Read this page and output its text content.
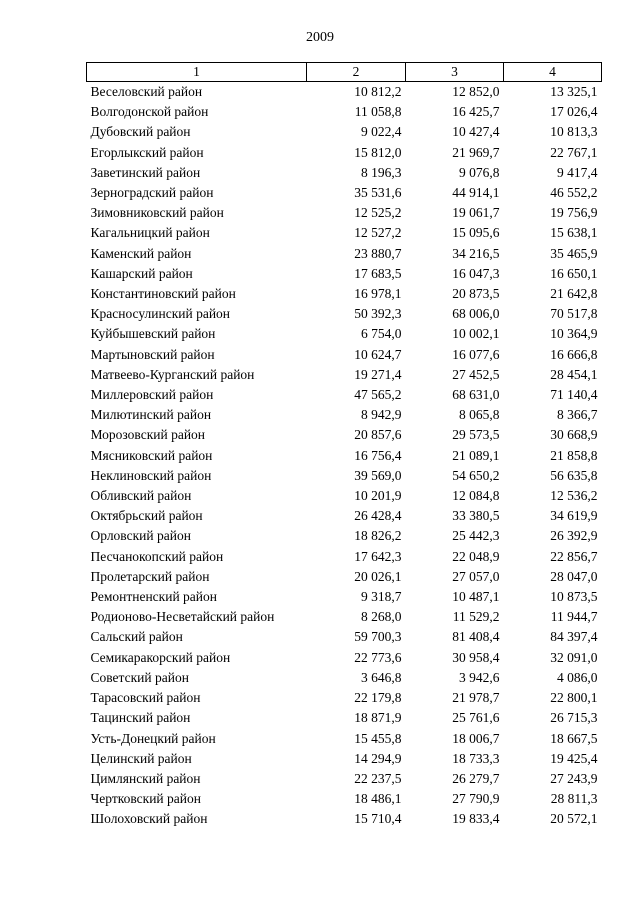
2009
1	2	3	4
Веселовский район	10 812,2	12 852,0	13 325,1
Волгодонской район	11 058,8	16 425,7	17 026,4
Дубовский район	9 022,4	10 427,4	10 813,3
Егорлыкский район	15 812,0	21 969,7	22 767,1
Заветинский район	8 196,3	9 076,8	9 417,4
Зерноградский район	35 531,6	44 914,1	46 552,2
Зимовниковский район	12 525,2	19 061,7	19 756,9
Кагальницкий район	12 527,2	15 095,6	15 638,1
Каменский район	23 880,7	34 216,5	35 465,9
Кашарский район	17 683,5	16 047,3	16 650,1
Константиновский район	16 978,1	20 873,5	21 642,8
Красносулинский район	50 392,3	68 006,0	70 517,8
Куйбышевский район	6 754,0	10 002,1	10 364,9
Мартыновский район	10 624,7	16 077,6	16 666,8
Матвеево-Курганский район	19 271,4	27 452,5	28 454,1
Миллеровский район	47 565,2	68 631,0	71 140,4
Милютинский район	8 942,9	8 065,8	8 366,7
Морозовский район	20 857,6	29 573,5	30 668,9
Мясниковский район	16 756,4	21 089,1	21 858,8
Неклиновский район	39 569,0	54 650,2	56 635,8
Обливский район	10 201,9	12 084,8	12 536,2
Октябрьский район	26 428,4	33 380,5	34 619,9
Орловский район	18 826,2	25 442,3	26 392,9
Песчанокопский район	17 642,3	22 048,9	22 856,7
Пролетарский район	20 026,1	27 057,0	28 047,0
Ремонтненский район	9 318,7	10 487,1	10 873,5
Родионово-Несветайский район	8 268,0	11 529,2	11 944,7
Сальский район	59 700,3	81 408,4	84 397,4
Семикаракорский район	22 773,6	30 958,4	32 091,0
Советский район	3 646,8	3 942,6	4 086,0
Тарасовский район	22 179,8	21 978,7	22 800,1
Тацинский район	18 871,9	25 761,6	26 715,3
Усть-Донецкий район	15 455,8	18 006,7	18 667,5
Целинский район	14 294,9	18 733,3	19 425,4
Цимлянский район	22 237,5	26 279,7	27 243,9
Чертковский район	18 486,1	27 790,9	28 811,3
Шолоховский район	15 710,4	19 833,4	20 572,1
